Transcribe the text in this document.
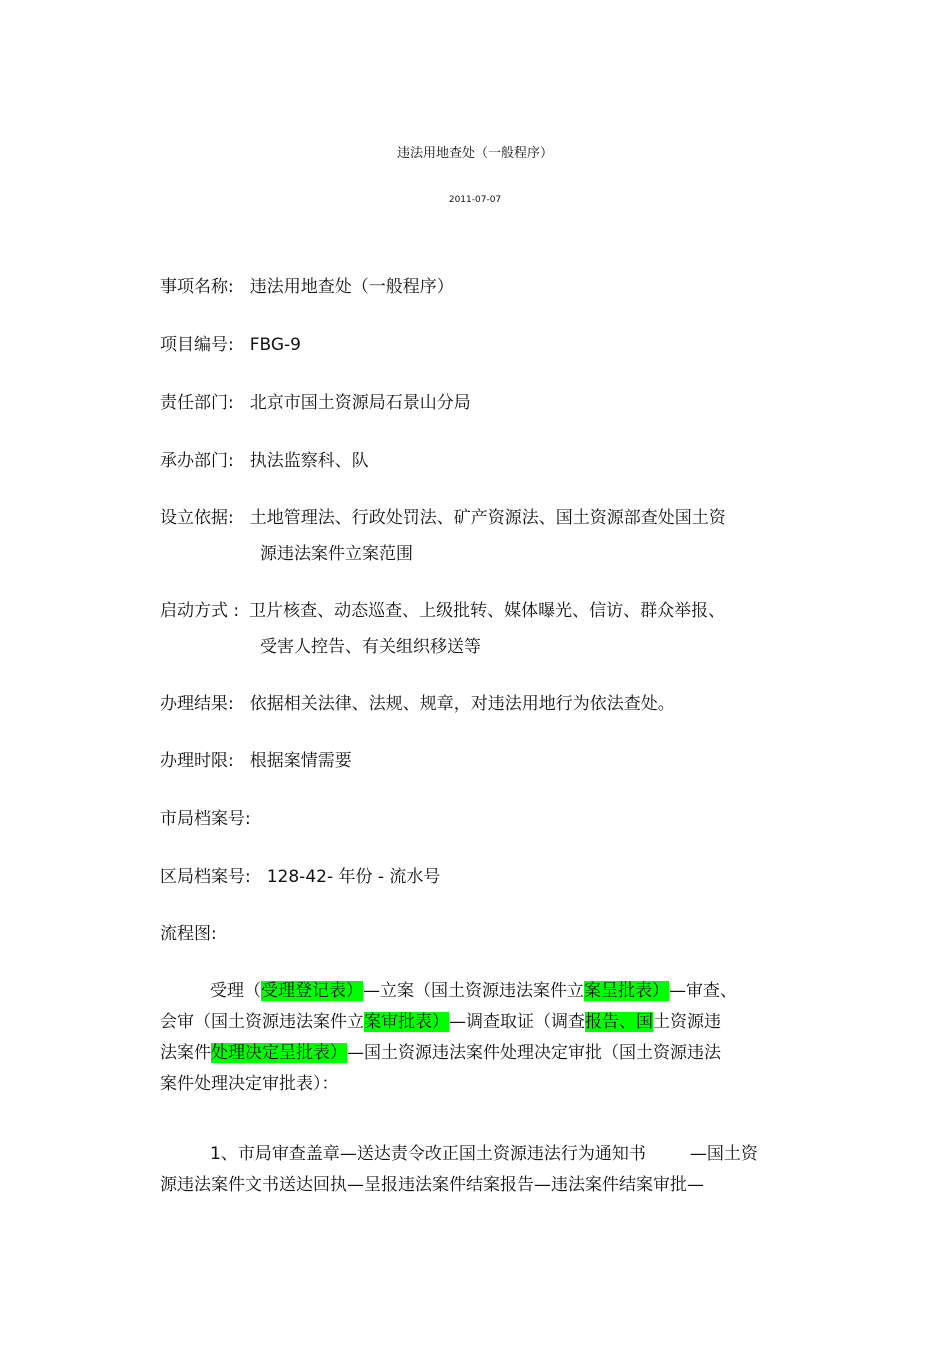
违法用地查处（一般程序）
2011-07-07
事项名称: 违法用地查处（一般程序）
项目编号: FBG-9
责任部门: 北京市国土资源局石景山分局
承办部门: 执法监察科、队
设立依据: 土地管理法、行政处罚法、矿产资源法、国土资源部查处国土资
源违法案件立案范围
启动方式 : 卫片核查、动态巡查、上级批转、媒体曝光、信访、群众举报、
受害人控告、有关组织移送等
办理结果: 依据相关法律、法规、规章，对违法用地行为依法查处。
办理时限: 根据案情需要
市局档案号:
区局档案号: 128-42- 年份 - 流水号
流程图:
受理（受理登记表）—立案（国土资源违法案件立案呈批表）—审查、
会审（国土资源违法案件立案审批表）—调查取证（调查报告、国土资源违
法案件处理决定呈批表）—国土资源违法案件处理决定审批（国土资源违法
案件处理决定审批表）：
1、市局审查盖章—送达责令改正国土资源违法行为通知书	—国土资
源违法案件文书送达回执—呈报违法案件结案报告—违法案件结案审批—
